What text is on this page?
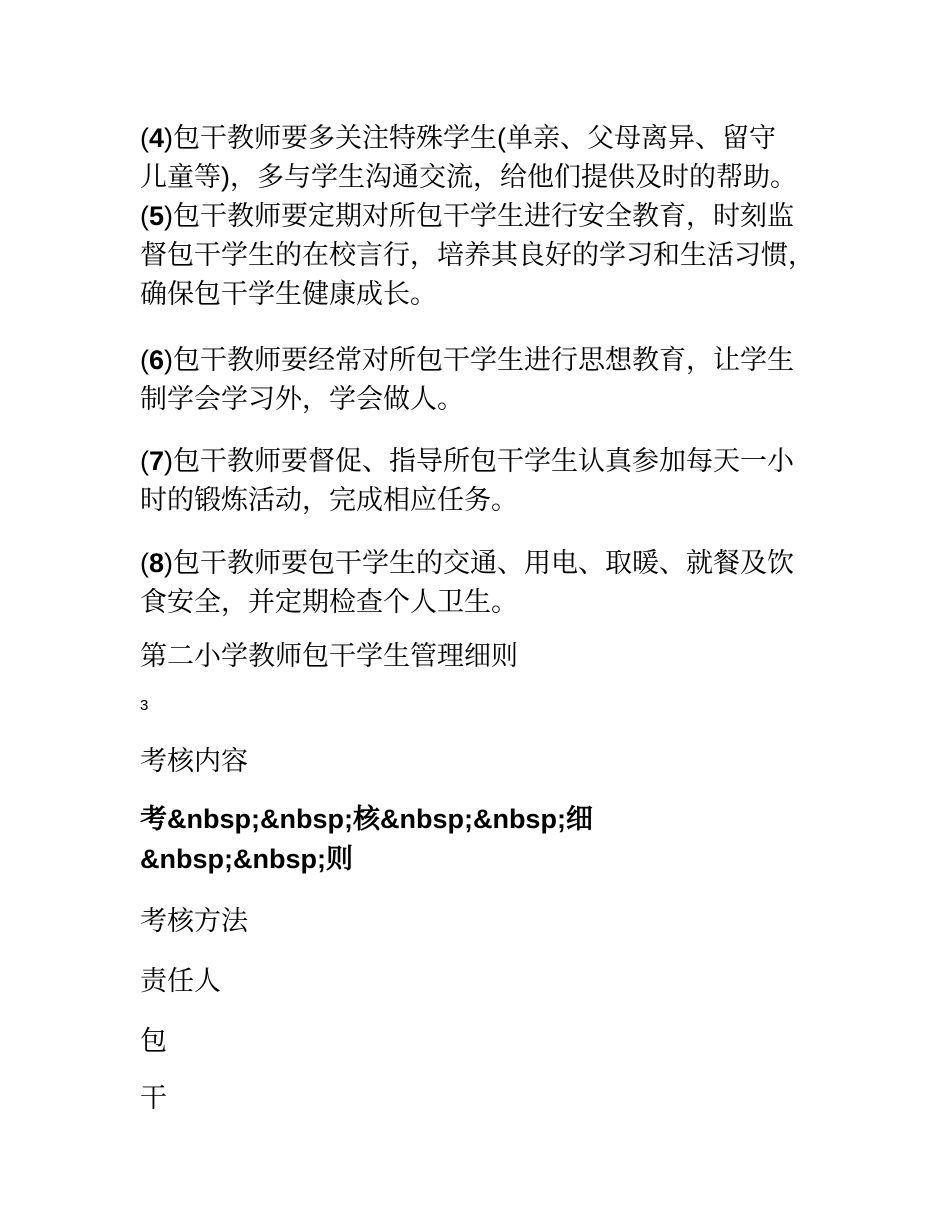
(4)包干教师要多关注特殊学生(单亲、父母离异、留守
儿童等)，多与学生沟通交流，给他们提供及时的帮助。
(5)包干教师要定期对所包干学生进行安全教育，时刻监
督包干学生的在校言行，培养其良好的学习和生活习惯，
确保包干学生健康成长。
(6)包干教师要经常对所包干学生进行思想教育，让学生
制学会学习外，学会做人。
(7)包干教师要督促、指导所包干学生认真参加每天一小
时的锻炼活动，完成相应任务。
(8)包干教师要包干学生的交通、用电、取暖、就餐及饮
食安全，并定期检查个人卫生。
第二小学教师包干学生管理细则
3
考核内容
考&nbsp;&nbsp;核&nbsp;&nbsp;细
&nbsp;&nbsp;则
考核方法
责任人
包
干
